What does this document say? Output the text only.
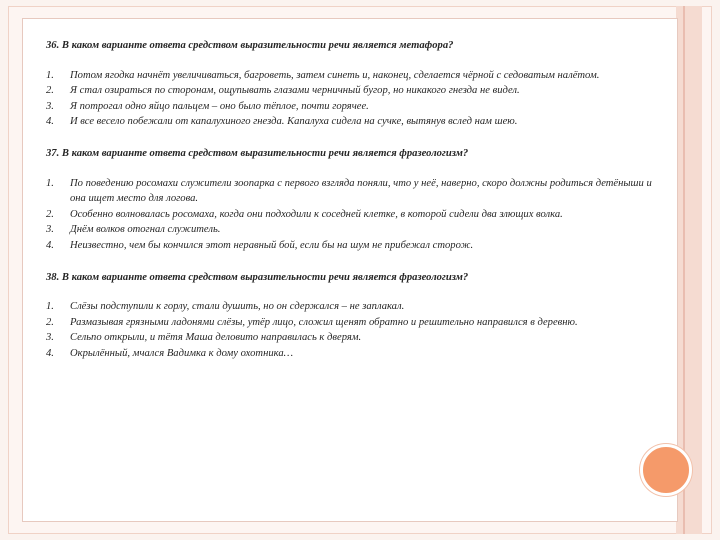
36. В каком варианте ответа средством выразительности речи является метафора?

1.	Потом ягодка начнёт увеличиваться, багроветь, затем синеть и, наконец, сделается чёрной с седоватым налётом.
2.	Я стал озираться по сторонам, ощупывать глазами черничный бугор, но никакого гнезда не видел.
3.	Я потрогал одно яйцо пальцем – оно было тёплое, почти горячее.
4.	И все весело побежали от капалухиного гнезда. Капалуха сидела на сучке, вытянув вслед нам шею.

37. В каком варианте ответа средством выразительности речи является фразеологизм?

1.	По поведению росомахи служители зоопарка с первого взгляда поняли, что у неё, наверно, скоро должны родиться детёныши и она ищет место для логова.
2.	Особенно волновалась росомаха, когда они подходили к соседней клетке, в которой сидели два злющих волка.
3.	Днём волков отогнал служитель.
4.	Неизвестно, чем бы кончился этот неравный бой, если бы на шум не прибежал сторож.

38. В каком варианте ответа средством выразительности речи является фразеологизм?

1.	Слёзы подступили к горлу, стали душить, но он сдержался – не заплакал.
2.	Размазывая грязными ладонями слёзы, утёр лицо, сложил щенят обратно и решительно направился в деревню.
3.	Сельпо открыли, и тётя Маша деловито направилась к дверям.
4.	Окрылённый, мчался Вадимка к дому охотника…
